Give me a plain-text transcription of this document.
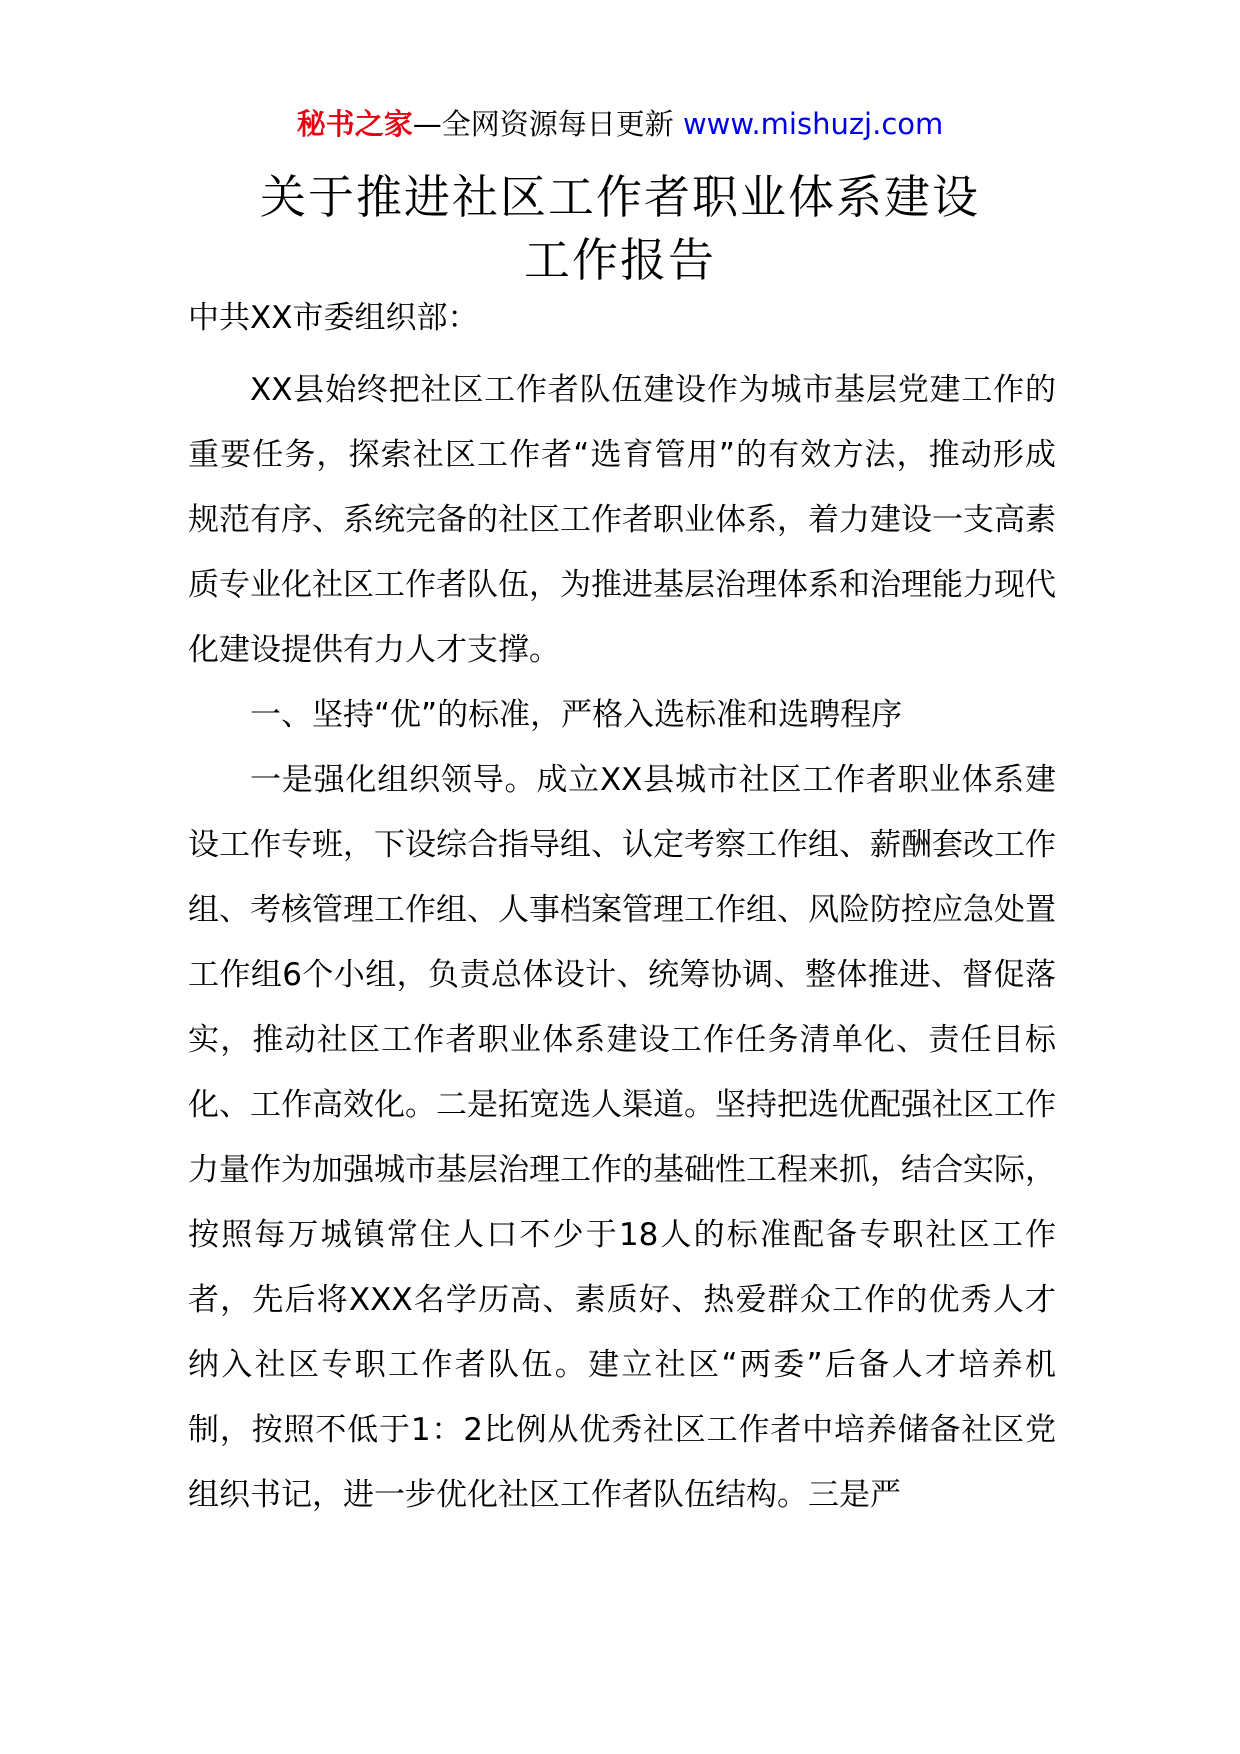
秘书之家—全网资源每日更新 www.mishuzj.com
关于推进社区工作者职业体系建设
工作报告
中共XX市委组织部：

XX县始终把社区工作者队伍建设作为城市基层党建工作的重要任务，探索社区工作者“选育管用”的有效方法，推动形成规范有序、系统完备的社区工作者职业体系，着力建设一支高素质专业化社区工作者队伍，为推进基层治理体系和治理能力现代化建设提供有力人才支撑。

一、坚持“优”的标准，严格入选标准和选聘程序

一是强化组织领导。成立XX县城市社区工作者职业体系建设工作专班，下设综合指导组、认定考察工作组、薪酬套改工作组、考核管理工作组、人事档案管理工作组、风险防控应急处置工作组6个小组，负责总体设计、统筹协调、整体推进、督促落实，推动社区工作者职业体系建设工作任务清单化、责任目标化、工作高效化。二是拓宽选人渠道。坚持把选优配强社区工作力量作为加强城市基层治理工作的基础性工程来抓，结合实际，按照每万城镇常住人口不少于18人的标准配备专职社区工作者，先后将XXX名学历高、素质好、热爱群众工作的优秀人才纳入社区专职工作者队伍。建立社区“两委”后备人才培养机制，按照不低于1：2比例从优秀社区工作者中培养储备社区党组织书记，进一步优化社区工作者队伍结构。三是严
